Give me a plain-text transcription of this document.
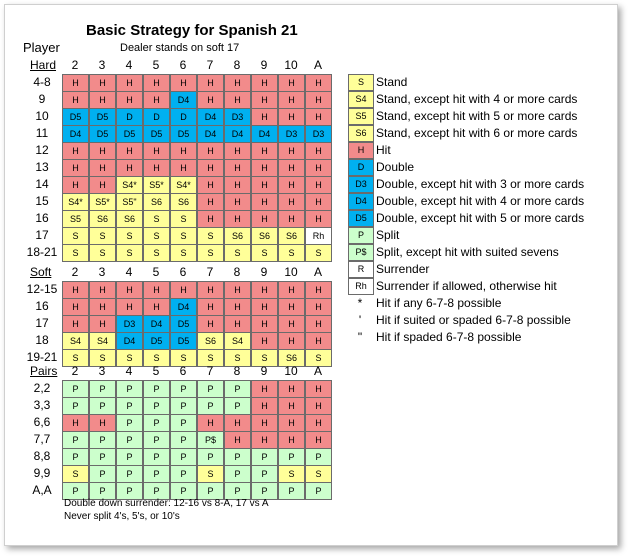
Basic Strategy for Spanish 21
Dealer stands on soft 17
Player
Hard	2	3	4	5	6	7	8	9	10	A
4-8	H	H	H	H	H	H	H	H	H	H
9	H	H	H	H	D4	H	H	H	H	H
10	D5	D5	D	D	D	D4	D3	H	H	H
11	D4	D5	D5	D5	D5	D4	D4	D4	D3	D3
12	H	H	H	H	H	H	H	H	H	H
13	H	H	H	H	H	H	H	H	H	H
14	H	H	S4*	S5*	S4*	H	H	H	H	H
15	S4*	S5*	S5"	S6	S6	H	H	H	H	H
16	S5	S6	S6	S	S	H	H	H	H	H
17	S	S	S	S	S	S	S6	S6	S6	Rh
18-21	S	S	S	S	S	S	S	S	S	S
Soft	2	3	4	5	6	7	8	9	10	A
12-15	H	H	H	H	H	H	H	H	H	H
16	H	H	H	H	D4	H	H	H	H	H
17	H	H	D3	D4	D5	H	H	H	H	H
18	S4	S4	D4	D5	D5	S6	S4	H	H	H
19-21	S	S	S	S	S	S	S	S	S6	S
Pairs	2	3	4	5	6	7	8	9	10	A
2,2	P	P	P	P	P	P	P	H	H	H
3,3	P	P	P	P	P	P	P	H	H	H
6,6	H	H	P	P	P	H	H	H	H	H
7,7	P	P	P	P	P	P$	H	H	H	H
8,8	P	P	P	P	P	P	P	P	P	P
9,9	S	P	P	P	P	S	P	P	S	S
A,A	P	P	P	P	P	P	P	P	P	P
S	Stand
S4 Stand, except hit with 4 or more cards
S5 Stand, except hit with 5 or more cards
S6 Stand, except hit with 6 or more cards
H Hit
D Double
D3 Double, except hit with 3 or more cards
D4 Double, except hit with 4 or more cards
D5 Double, except hit with 5 or more cards
P	Split
P$ Split, except hit with suited sevens
R Surrender
Rh Surrender if allowed, otherwise hit
*	Hit if any 6-7-8 possible
'	Hit if suited or spaded 6-7-8 possible
"	Hit if spaded 6-7-8 possible
Double down surrender: 12-16 vs 8-A, 17 vs A
Never split 4's, 5's, or 10's
